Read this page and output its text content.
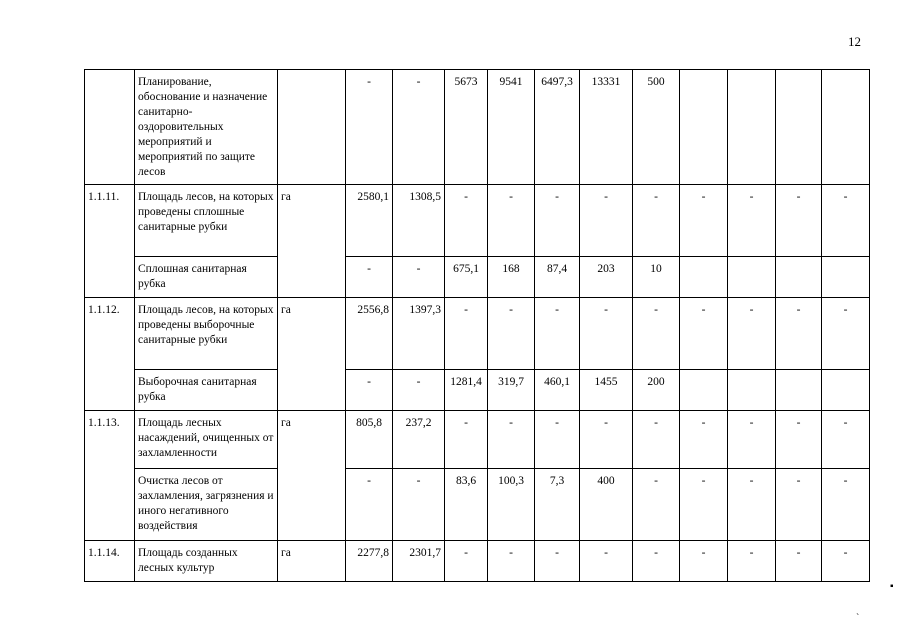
12
	Планирование, обоснование и назначение санитарно-оздоровительных мероприятий и мероприятий по защите лесов		-	-	5673	9541	6497,3	13331	500				
1.1.11.	Площадь лесов, на которых проведены сплошные санитарные рубки	га	2580,1	1308,5	-	-	-	-	-	-	-	-	-
	Сплошная санитарная рубка		-	-	675,1	168	87,4	203	10				
1.1.12.	Площадь лесов, на которых проведены выборочные санитарные рубки	га	2556,8	1397,3	-	-	-	-	-	-	-	-	-
	Выборочная санитарная рубка		-	-	1281,4	319,7	460,1	1455	200				
1.1.13.	Площадь лесных насаждений, очищенных от захламленности	га	805,8	237,2	-	-	-	-	-	-	-	-	-
	Очистка лесов от захламления, загрязнения и иного негативного воздействия		-	-	83,6	100,3	7,3	400	-	-	-	-	-
1.1.14.	Площадь созданных лесных культур	га	2277,8	2301,7	-	-	-	-	-	-	-	-	-
▪
`
